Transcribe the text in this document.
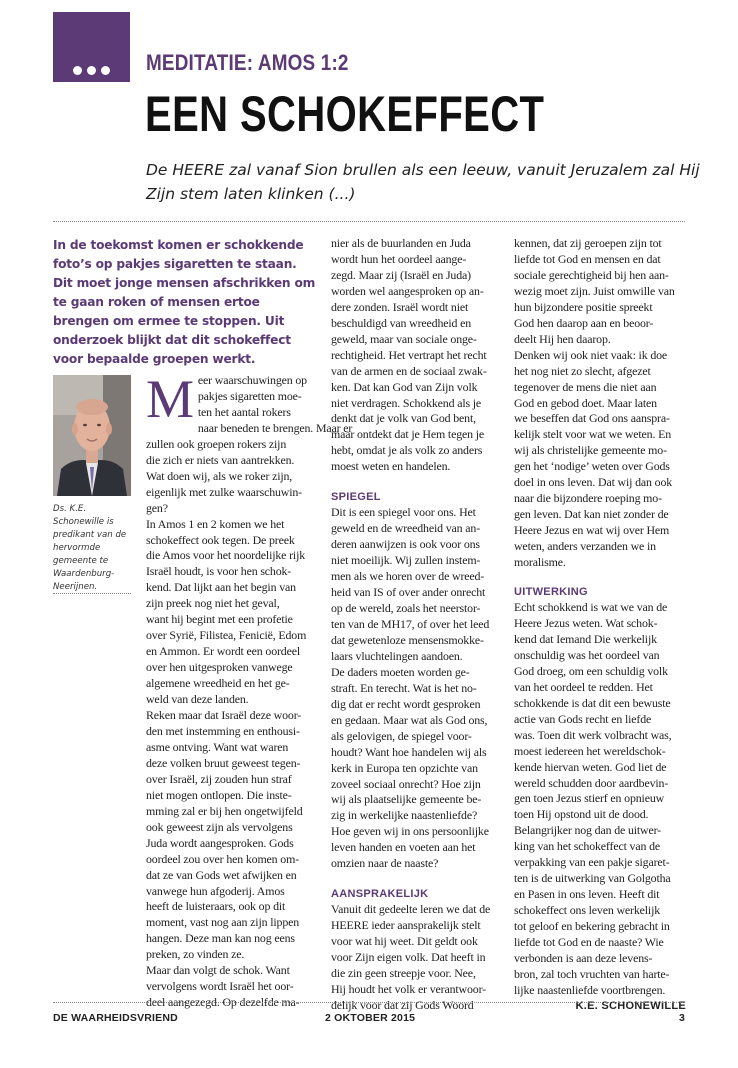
MEDITATIE: AMOS 1:2
EEN SCHOKEFFECT
De HEERE zal vanaf Sion brullen als een leeuw, vanuit Jeruzalem zal Hij Zijn stem laten klinken (...)
In de toekomst komen er schokkende foto’s op pakjes sigaretten te staan. Dit moet jonge mensen afschrikken om te gaan roken of mensen ertoe brengen om ermee te stoppen. Uit onderzoek blijkt dat dit schokeffect voor bepaalde groepen werkt.
Ds. K.E. Schonewille is predikant van de hervormde gemeente te Waardenburg-Neerijnen.
M eer waarschuwingen op
pakjes sigaretten moe-
ten het aantal rokers
naar beneden te brengen. Maar er
zullen ook groepen rokers zijn
die zich er niets van aantrekken.
Wat doen wij, als we roker zijn,
eigenlijk met zulke waarschuwin-
gen?
In Amos 1 en 2 komen we het
schokeffect ook tegen. De preek
die Amos voor het noordelijke rijk
Israël houdt, is voor hen schok-
kend. Dat lijkt aan het begin van
zijn preek nog niet het geval,
want hij begint met een profetie
over Syrië, Filistea, Fenicië, Edom
en Ammon. Er wordt een oordeel
over hen uitgesproken vanwege
algemene wreedheid en het ge-
weld van deze landen.
Reken maar dat Israël deze woor-
den met instemming en enthousi-
asme ontving. Want wat waren
deze volken bruut geweest tegen-
over Israël, zij zouden hun straf
niet mogen ontlopen. Die inste-
mming zal er bij hen ongetwijfeld
ook geweest zijn als vervolgens
Juda wordt aangesproken. Gods
oordeel zou over hen komen om-
dat ze van Gods wet afwijken en
vanwege hun afgoderij. Amos
heeft de luisteraars, ook op dit
moment, vast nog aan zijn lippen
hangen. Deze man kan nog eens
preken, zo vinden ze.
Maar dan volgt de schok. Want
vervolgens wordt Israël het oor-
deel aangezegd. Op dezelfde ma-
nier als de buurlanden en Juda
wordt hun het oordeel aange-
zegd. Maar zij (Israël en Juda)
worden wel aangesproken op an-
dere zonden. Israël wordt niet
beschuldigd van wreedheid en
geweld, maar van sociale onge-
rechtigheid. Het vertrapt het recht
van de armen en de sociaal zwak-
ken. Dat kan God van Zijn volk
niet verdragen. Schokkend als je
denkt dat je volk van God bent,
maar ontdekt dat je Hem tegen je
hebt, omdat je als volk zo anders
moest weten en handelen.
SPIEGEL
Dit is een spiegel voor ons. Het
geweld en de wreedheid van an-
deren aanwijzen is ook voor ons
niet moeilijk. Wij zullen instem-
men als we horen over de wreed-
heid van IS of over ander onrecht
op de wereld, zoals het neerstor-
ten van de MH17, of over het leed
dat gewetenloze mensensmokke-
laars vluchtelingen aandoen.
De daders moeten worden ge-
straft. En terecht. Wat is het no-
dig dat er recht wordt gesproken
en gedaan. Maar wat als God ons,
als gelovigen, de spiegel voor-
houdt? Want hoe handelen wij als
kerk in Europa ten opzichte van
zoveel sociaal onrecht? Hoe zijn
wij als plaatselijke gemeente be-
zig in werkelijke naastenliefde?
Hoe geven wij in ons persoonlijke
leven handen en voeten aan het
omzien naar de naaste?
AANSPRAKELIJK
Vanuit dit gedeelte leren we dat de
HEERE ieder aansprakelijk stelt
voor wat hij weet. Dit geldt ook
voor Zijn eigen volk. Dat heeft in
die zin geen streepje voor. Nee,
Hij houdt het volk er verantwoor-
delijk voor dat zij Gods Woord
kennen, dat zij geroepen zijn tot
liefde tot God en mensen en dat
sociale gerechtigheid bij hen aan-
wezig moet zijn. Juist omwille van
hun bijzondere positie spreekt
God hen daarop aan en beoor-
deelt Hij hen daarop.
Denken wij ook niet vaak: ik doe
het nog niet zo slecht, afgezet
tegenover de mens die niet aan
God en gebod doet. Maar laten
we beseffen dat God ons aanspra-
kelijk stelt voor wat we weten. En
wij als christelijke gemeente mo-
gen het ‘nodige’ weten over Gods
doel in ons leven. Dat wij dan ook
naar die bijzondere roeping mo-
gen leven. Dat kan niet zonder de
Heere Jezus en wat wij over Hem
weten, anders verzanden we in
moralisme.
UITWERKING
Echt schokkend is wat we van de
Heere Jezus weten. Wat schok-
kend dat Iemand Die werkelijk
onschuldig was het oordeel van
God droeg, om een schuldig volk
van het oordeel te redden. Het
schokkende is dat dit een bewuste
actie van Gods recht en liefde
was. Toen dit werk volbracht was,
moest iedereen het wereldschok-
kende hiervan weten. God liet de
wereld schudden door aardbevin-
gen toen Jezus stierf en opnieuw
toen Hij opstond uit de dood.
Belangrijker nog dan de uitwer-
king van het schokeffect van de
verpakking van een pakje sigaret-
ten is de uitwerking van Golgotha
en Pasen in ons leven. Heeft dit
schokeffect ons leven werkelijk
tot geloof en bekering gebracht in
liefde tot God en de naaste? Wie
verbonden is aan deze levens-
bron, zal toch vruchten van harte-
lijke naastenliefde voortbrengen.
K.E. SCHONEWILLE
DE WAARHEIDSVRIEND	2 OKTOBER 2015	3
